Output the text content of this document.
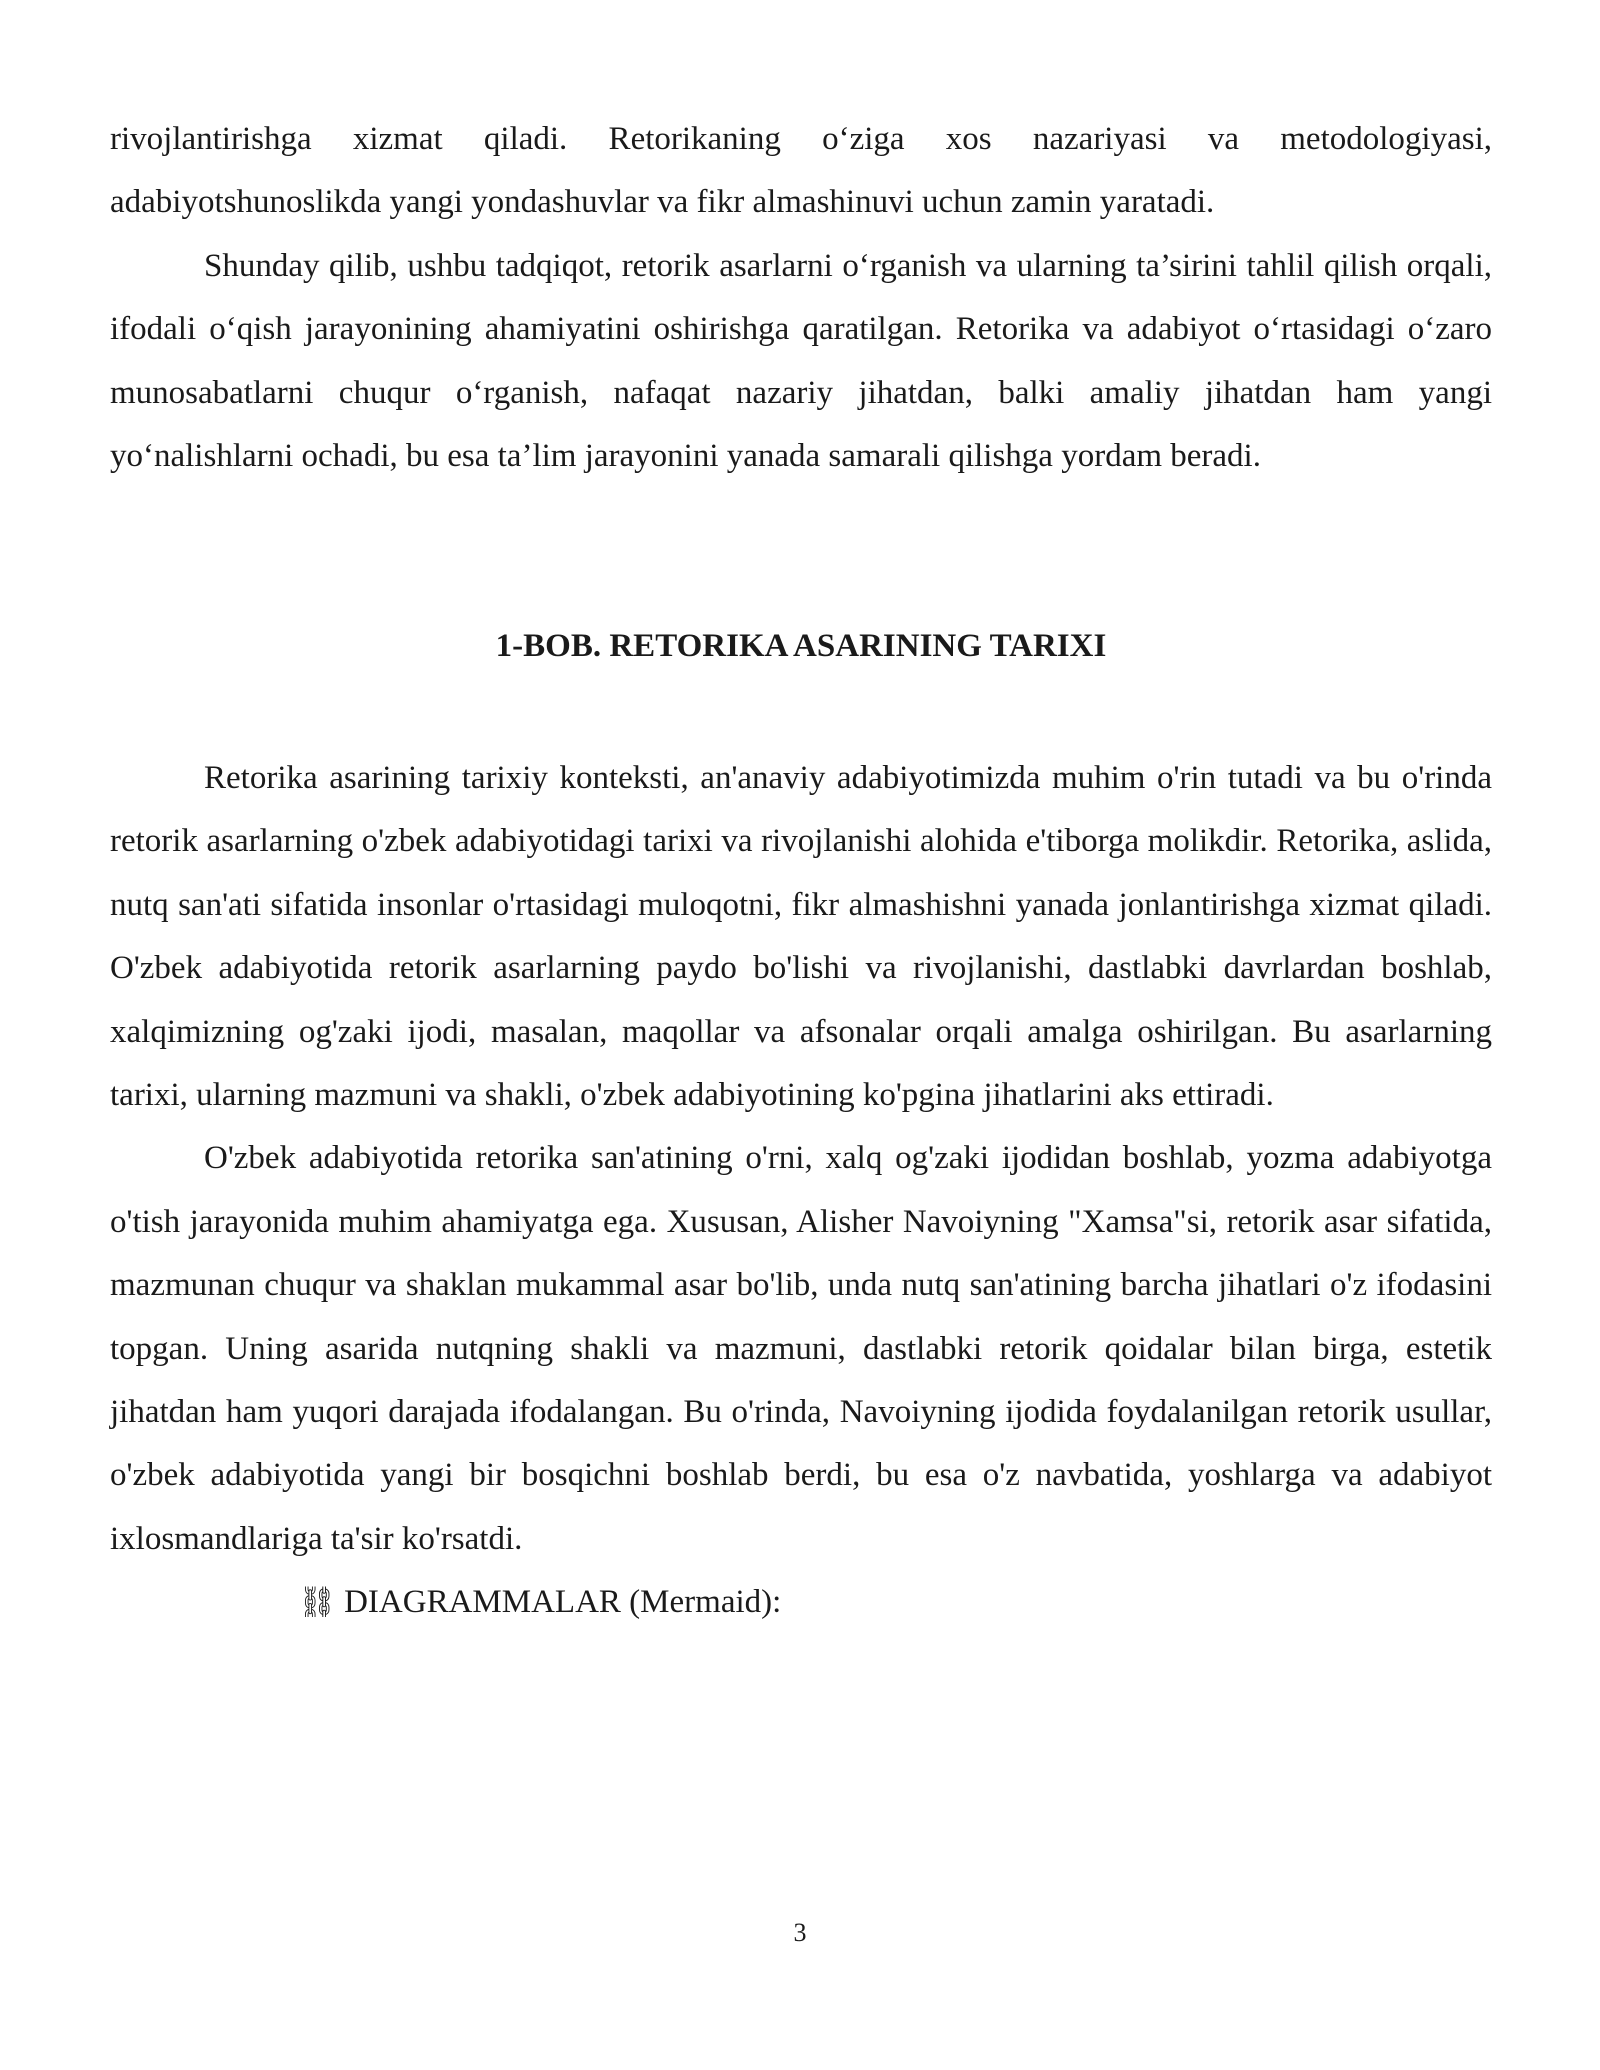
rivojlantirishga xizmat qiladi. Retorikaning o‘ziga xos nazariyasi va metodologiyasi, adabiyotshunoslikda yangi yondashuvlar va fikr almashinuvi uchun zamin yaratadi.

Shunday qilib, ushbu tadqiqot, retorik asarlarni o‘rganish va ularning ta’sirini tahlil qilish orqali, ifodali o‘qish jarayonining ahamiyatini oshirishga qaratilgan. Retorika va adabiyot o‘rtasidagi o‘zaro munosabatlarni chuqur o‘rganish, nafaqat nazariy jihatdan, balki amaliy jihatdan ham yangi yo‘nalishlarni ochadi, bu esa ta’lim jarayonini yanada samarali qilishga yordam beradi.

1-BOB. RETORIKA ASARINING TARIXI

Retorika asarining tarixiy konteksti, an'anaviy adabiyotimizda muhim o'rin tutadi va bu o'rinda retorik asarlarning o'zbek adabiyotidagi tarixi va rivojlanishi alohida e'tiborga molikdir. Retorika, aslida, nutq san'ati sifatida insonlar o'rtasidagi muloqotni, fikr almashishni yanada jonlantirishga xizmat qiladi. O'zbek adabiyotida retorik asarlarning paydo bo'lishi va rivojlanishi, dastlabki davrlardan boshlab, xalqimizning og'zaki ijodi, masalan, maqollar va afsonalar orqali amalga oshirilgan. Bu asarlarning tarixi, ularning mazmuni va shakli, o'zbek adabiyotining ko'pgina jihatlarini aks ettiradi.

O'zbek adabiyotida retorika san'atining o'rni, xalq og'zaki ijodidan boshlab, yozma adabiyotga o'tish jarayonida muhim ahamiyatga ega. Xususan, Alisher Navoiyning "Xamsa"si, retorik asar sifatida, mazmunan chuqur va shaklan mukammal asar bo'lib, unda nutq san'atining barcha jihatlari o'z ifodasini topgan. Uning asarida nutqning shakli va mazmuni, dastlabki retorik qoidalar bilan birga, estetik jihatdan ham yuqori darajada ifodalangan. Bu o'rinda, Navoiyning ijodida foydalanilgan retorik usullar, o'zbek adabiyotida yangi bir bosqichni boshlab berdi, bu esa o'z navbatida, yoshlarga va adabiyot ixlosmandlariga ta'sir ko'rsatdi.

⛓ DIAGRAMMALAR (Mermaid):

3
